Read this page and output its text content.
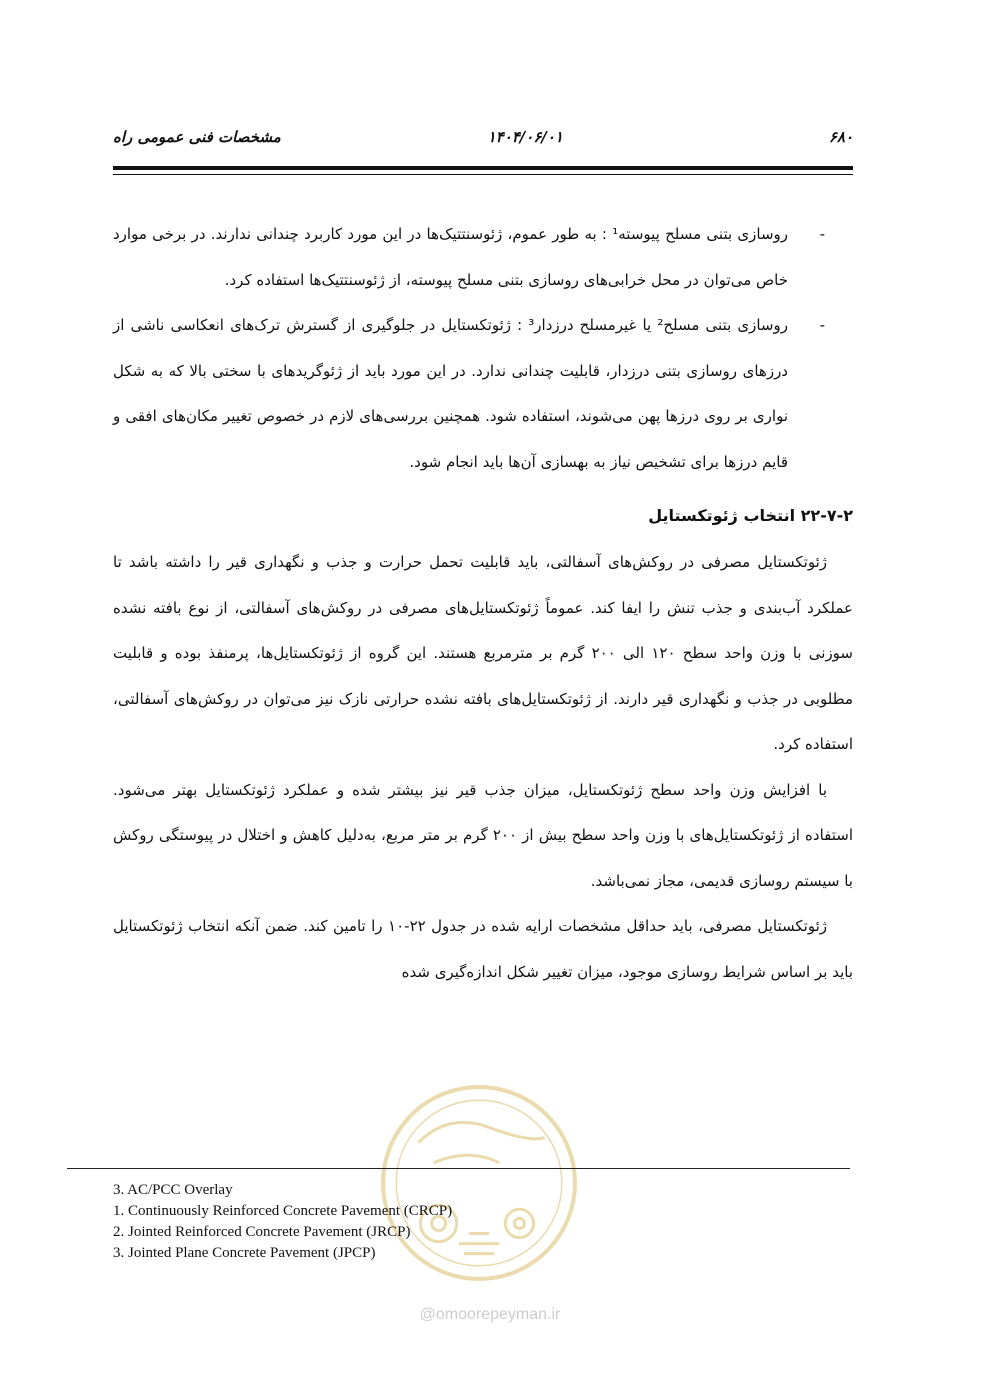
۶۸۰
۱۴۰۴/۰۶/۰۱
مشخصات فنی عمومی راه
-

روسازی بتنی مسلح پیوسته¹ : به طور عموم، ژئوسنتتیک‌ها در این مورد کاربرد چندانی ندارند. در برخی موارد خاص می‌توان در محل خرابی‌های روسازی بتنی مسلح پیوسته، از ژئوسنتتیک‌ها استفاده کرد.

-

روسازی بتنی مسلح² یا غیرمسلح درزدار³ : ژئوتکستایل در جلوگیری از گسترش ترک‌های انعکاسی ناشی از درزهای روسازی بتنی درزدار، قابلیت چندانی ندارد. در این مورد باید از ژئوگریدهای با سختی بالا که به شکل نواری بر روی درزها پهن می‌شوند، استفاده شود. همچنین بررسی‌های لازم در خصوص تغییر مکان‌های افقی و قایم درزها برای تشخیص نیاز به بهسازی آن‌ها باید انجام شود.

۲۲-۷-۲ انتخاب ژئوتکستایل

ژئوتکستایل مصرفی در روکش‌های آسفالتی، باید قابلیت تحمل حرارت و جذب و نگهداری قیر را داشته باشد تا عملکرد آب‌بندی و جذب تنش را ایفا کند. عموماً ژئوتکستایل‌های مصرفی در روکش‌های آسفالتی، از نوع بافته نشده سوزنی با وزن واحد سطح ۱۲۰ الی ۲۰۰ گرم بر مترمربع هستند. این گروه از ژئوتکستایل‌ها، پرمنفذ بوده و قابلیت مطلوبی در جذب و نگهداری قیر دارند. از ژئوتکستایل‌های بافته نشده حرارتی نازک نیز می‌توان در روکش‌های آسفالتی، استفاده کرد.

با افزایش وزن واحد سطح ژئوتکستایل، میزان جذب قیر نیز بیشتر شده و عملکرد ژئوتکستایل بهتر می‌شود. استفاده از ژئوتکستایل‌های با وزن واحد سطح بیش از ۲۰۰ گرم بر متر مربع، به‌دلیل کاهش و اختلال در پیوستگی روکش با سیستم روسازی قدیمی، مجاز نمی‌باشد.

ژئوتکستایل مصرفی، باید حداقل مشخصات ارایه شده در جدول ۲۲-۱۰ را تامین کند. ضمن آنکه انتخاب ژئوتکستایل باید بر اساس شرایط روسازی موجود، میزان تغییر شکل اندازه‌گیری شده

3. AC/PCC Overlay
1. Continuously Reinforced Concrete Pavement (CRCP)
2. Jointed Reinforced Concrete Pavement (JRCP)
3. Jointed Plane Concrete Pavement (JPCP)
@omoorepeyman.ir
